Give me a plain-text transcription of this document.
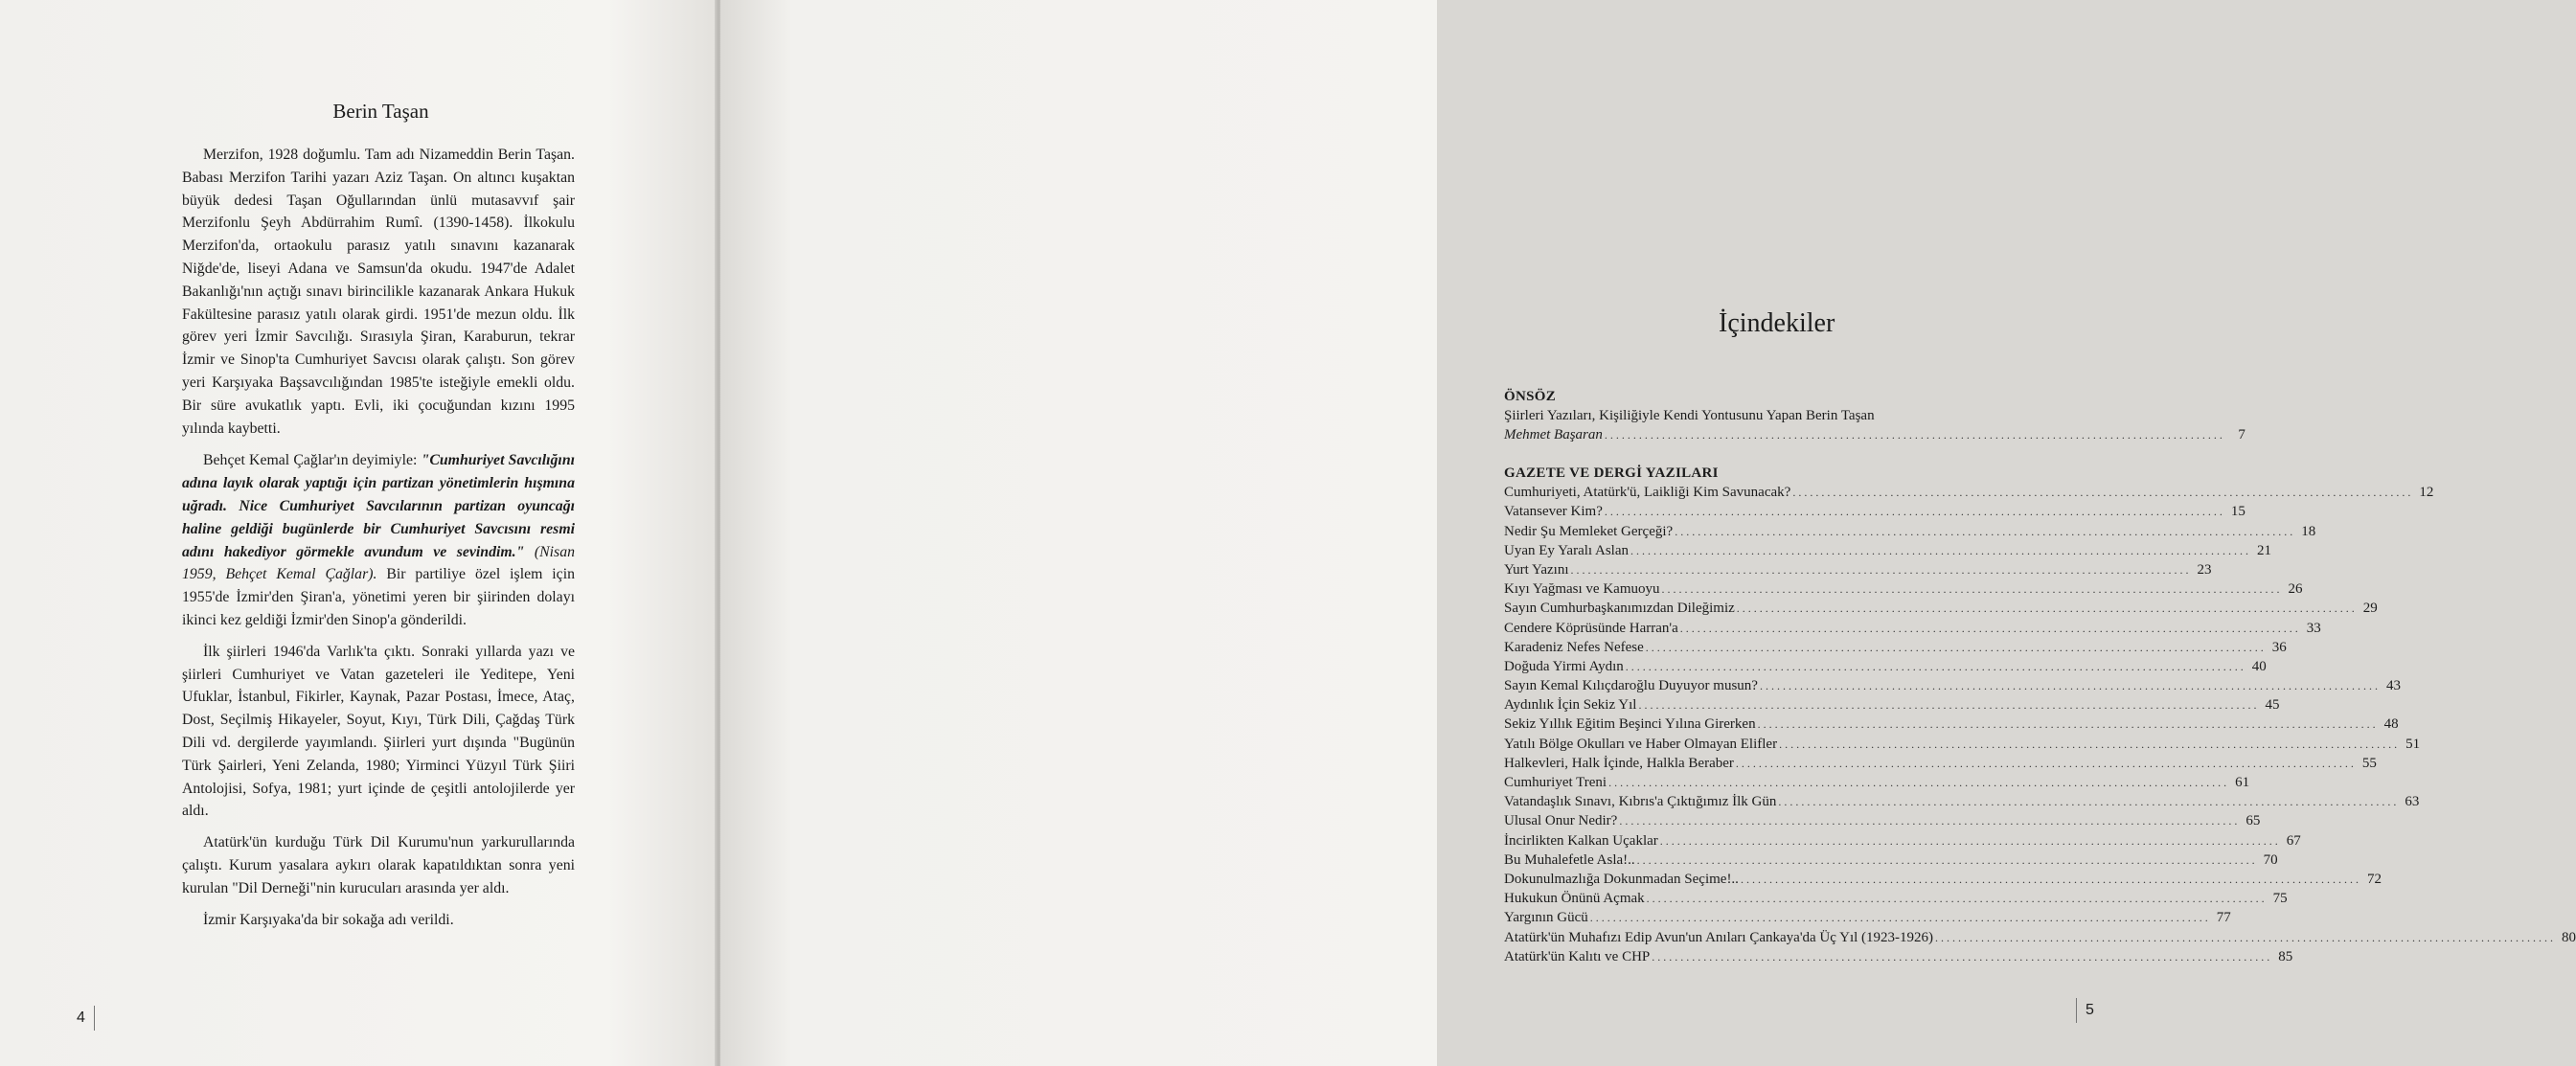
Berin Taşan

Merzifon, 1928 doğumlu. Tam adı Nizameddin Berin Taşan. Babası Merzifon Tarihi yazarı Aziz Taşan. On altıncı kuşaktan büyük dedesi Taşan Oğullarından ünlü mutasavvıf şair Merzifonlu Şeyh Abdürrahim Rumî. (1390-1458). İlkokulu Merzifon'da, ortaokulu parasız yatılı sınavını kazanarak Niğde'de, liseyi Adana ve Samsun'da okudu. 1947'de Adalet Bakanlığı'nın açtığı sınavı birincilikle kazanarak Ankara Hukuk Fakültesine parasız yatılı olarak girdi. 1951'de mezun oldu. İlk görev yeri İzmir Savcılığı. Sırasıyla Şiran, Karaburun, tekrar İzmir ve Sinop'ta Cumhuriyet Savcısı olarak çalıştı. Son görev yeri Karşıyaka Başsavcılığından 1985'te isteğiyle emekli oldu. Bir süre avukatlık yaptı. Evli, iki çocuğundan kızını 1995 yılında kaybetti.

Behçet Kemal Çağlar'ın deyimiyle: "Cumhuriyet Savcılığını adına layık olarak yaptığı için partizan yönetimlerin hışmına uğradı. Nice Cumhuriyet Savcılarının partizan oyuncağı haline geldiği bugünlerde bir Cumhuriyet Savcısını resmi adını hakediyor görmekle avundum ve sevindim." (Nisan 1959, Behçet Kemal Çağlar). Bir partiliye özel işlem için 1955'de İzmir'den Şiran'a, yönetimi yeren bir şiirinden dolayı ikinci kez geldiği İzmir'den Sinop'a gönderildi.

İlk şiirleri 1946'da Varlık'ta çıktı. Sonraki yıllarda yazı ve şiirleri Cumhuriyet ve Vatan gazeteleri ile Yeditepe, Yeni Ufuklar, İstanbul, Fikirler, Kaynak, Pazar Postası, İmece, Ataç, Dost, Seçilmiş Hikayeler, Soyut, Kıyı, Türk Dili, Çağdaş Türk Dili vd. dergilerde yayımlandı. Şiirleri yurt dışında "Bugünün Türk Şairleri, Yeni Zelanda, 1980; Yirminci Yüzyıl Türk Şiiri Antolojisi, Sofya, 1981; yurt içinde de çeşitli antolojilerde yer aldı.

Atatürk'ün kurduğu Türk Dil Kurumu'nun yarkurullarında çalıştı. Kurum yasalara aykırı olarak kapatıldıktan sonra yeni kurulan "Dil Derneği"nin kurucuları arasında yer aldı.

İzmir Karşıyaka'da bir sokağa adı verildi.

4
İçindekiler
ÖNSÖZ
Şiirleri Yazıları, Kişiliğiyle Kendi Yontusunu Yapan Berin Taşan
Mehmet Başaran . . .	7
GAZETE VE DERGİ YAZILARI
Cumhuriyeti, Atatürk'ü, Laikliği Kim Savunacak? . . .	12
Vatansever Kim? . . .	15
Nedir Şu Memleket Gerçeği? . . .	18
Uyan Ey Yaralı Aslan . . .	21
Yurt Yazını . . .	23
Kıyı Yağması ve Kamuoyu . . .	26
Sayın Cumhurbaşkanımızdan Dileğimiz . . .	29
Cendere Köprüsünde Harran'a . . .	33
Karadeniz Nefes Nefese . . .	36
Doğuda Yirmi Aydın . . .	40
Sayın Kemal Kılıçdaroğlu Duyuyor musun? . . .	43
Aydınlık İçin Sekiz Yıl . . .	45
Sekiz Yıllık Eğitim Beşinci Yılına Girerken . . .	48
Yatılı Bölge Okulları ve Haber Olmayan Elifler . . .	51
Halkevleri, Halk İçinde, Halkla Beraber . . .	55
Cumhuriyet Treni . . .	61
Vatandaşlık Sınavı, Kıbrıs'a Çıktığımız İlk Gün . . .	63
Ulusal Onur Nedir? . . .	65
İncirlikten Kalkan Uçaklar . . .	67
Bu Muhalefetle Asla!.. . . .	70
Dokunulmazlığa Dokunmadan Seçime!.. . . .	72
Hukukun Önünü Açmak . . .	75
Yargının Gücü . . .	77
Atatürk'ün Muhafızı Edip Avun'un Anıları Çankaya'da Üç Yıl (1923-1926) . . .	80
Atatürk'ün Kalıtı ve CHP . . .	85
5
